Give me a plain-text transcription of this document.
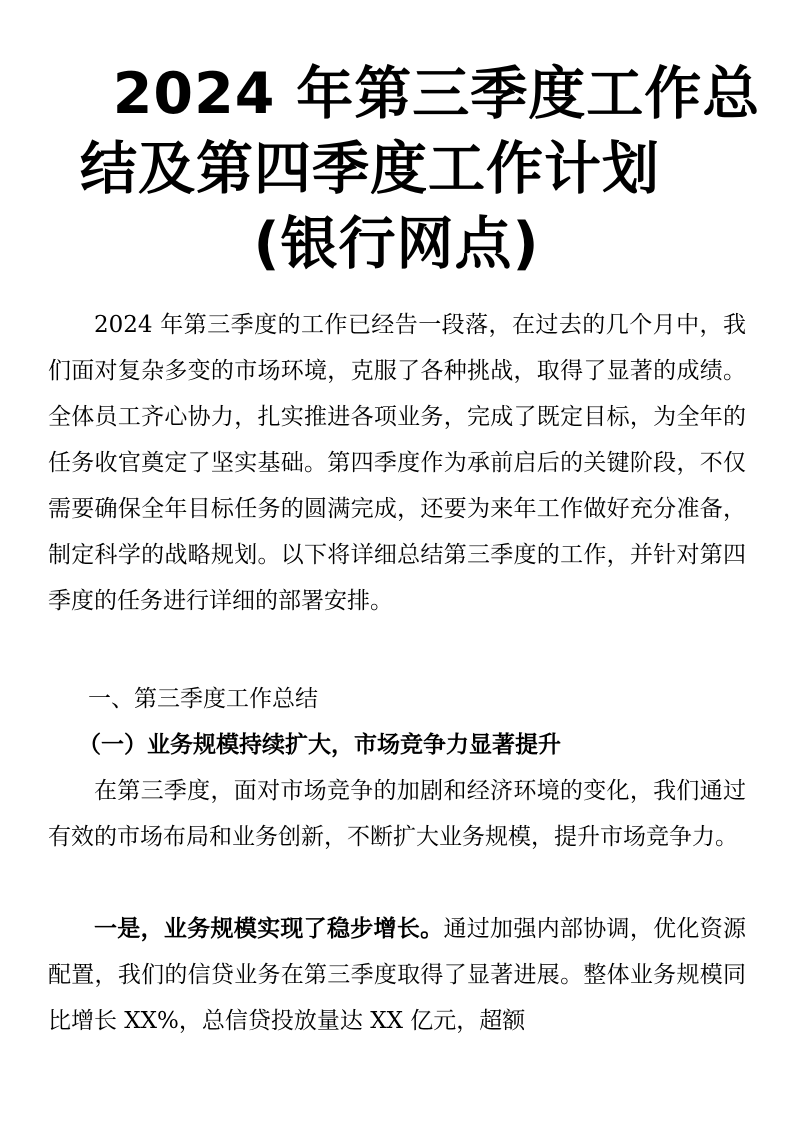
2024 年第三季度工作总
结及第四季度工作计划
(银行网点)

2024 年第三季度的工作已经告一段落，在过去的几个月中，我们面对复杂多变的市场环境，克服了各种挑战，取得了显著的成绩。全体员工齐心协力，扎实推进各项业务，完成了既定目标，为全年的任务收官奠定了坚实基础。第四季度作为承前启后的关键阶段，不仅需要确保全年目标任务的圆满完成，还要为来年工作做好充分准备，制定科学的战略规划。以下将详细总结第三季度的工作，并针对第四季度的任务进行详细的部署安排。

一、第三季度工作总结
（一）业务规模持续扩大，市场竞争力显著提升

在第三季度，面对市场竞争的加剧和经济环境的变化，我们通过有效的市场布局和业务创新，不断扩大业务规模，提升市场竞争力。

一是，业务规模实现了稳步增长。通过加强内部协调，优化资源配置，我们的信贷业务在第三季度取得了显著进展。整体业务规模同比增长 XX%，总信贷投放量达 XX 亿元，超额
